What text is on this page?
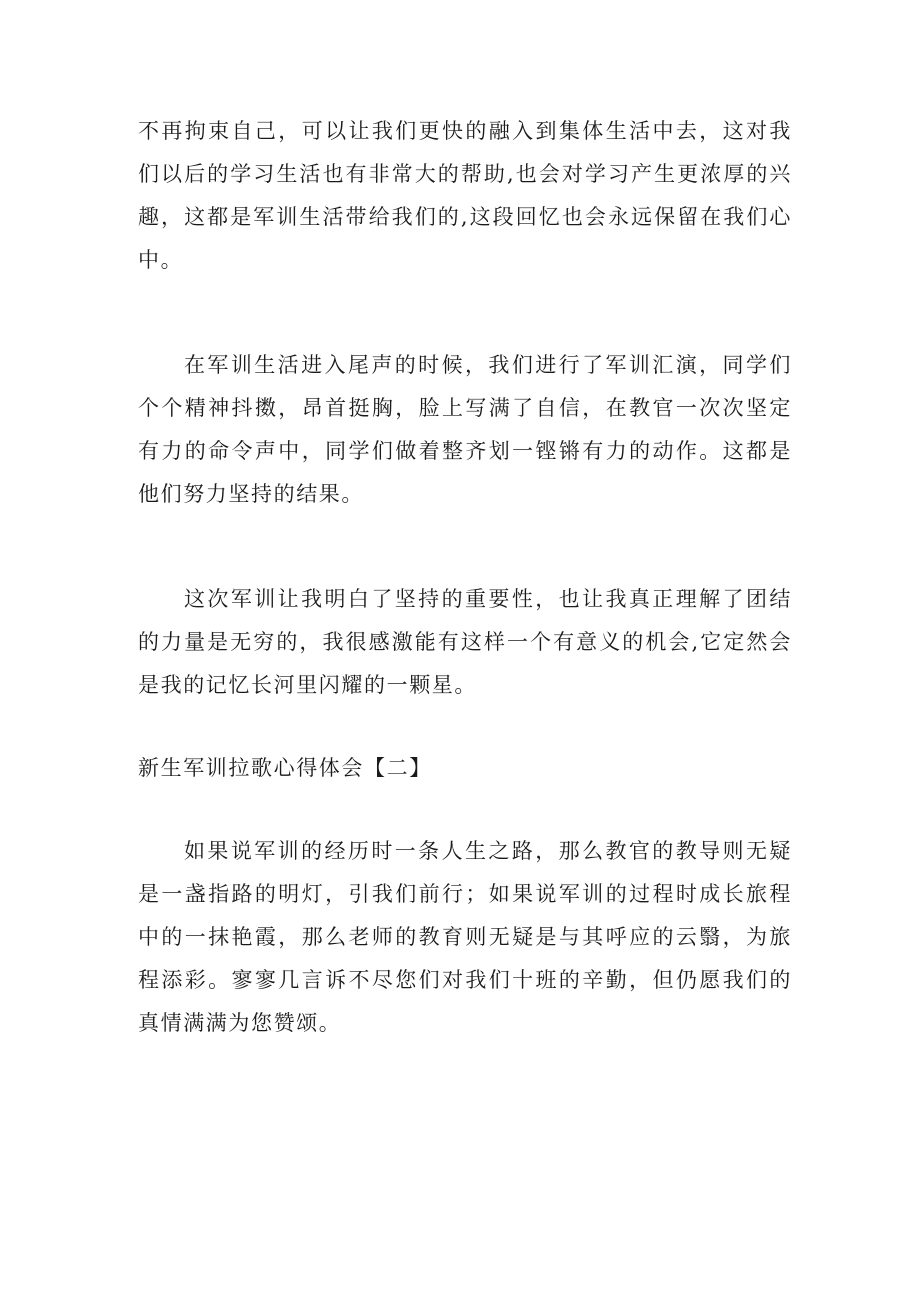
不再拘束自己，可以让我们更快的融入到集体生活中去，这对我们以后的学习生活也有非常大的帮助,也会对学习产生更浓厚的兴趣，这都是军训生活带给我们的,这段回忆也会永远保留在我们心中。

在军训生活进入尾声的时候，我们进行了军训汇演，同学们个个精神抖擞，昂首挺胸，脸上写满了自信，在教官一次次坚定有力的命令声中，同学们做着整齐划一铿锵有力的动作。这都是他们努力坚持的结果。

这次军训让我明白了坚持的重要性，也让我真正理解了团结的力量是无穷的，我很感激能有这样一个有意义的机会,它定然会是我的记忆长河里闪耀的一颗星。

新生军训拉歌心得体会【二】

如果说军训的经历时一条人生之路，那么教官的教导则无疑是一盏指路的明灯，引我们前行；如果说军训的过程时成长旅程中的一抹艳霞，那么老师的教育则无疑是与其呼应的云翳，为旅程添彩。寥寥几言诉不尽您们对我们十班的辛勤，但仍愿我们的真情满满为您赞颂。
